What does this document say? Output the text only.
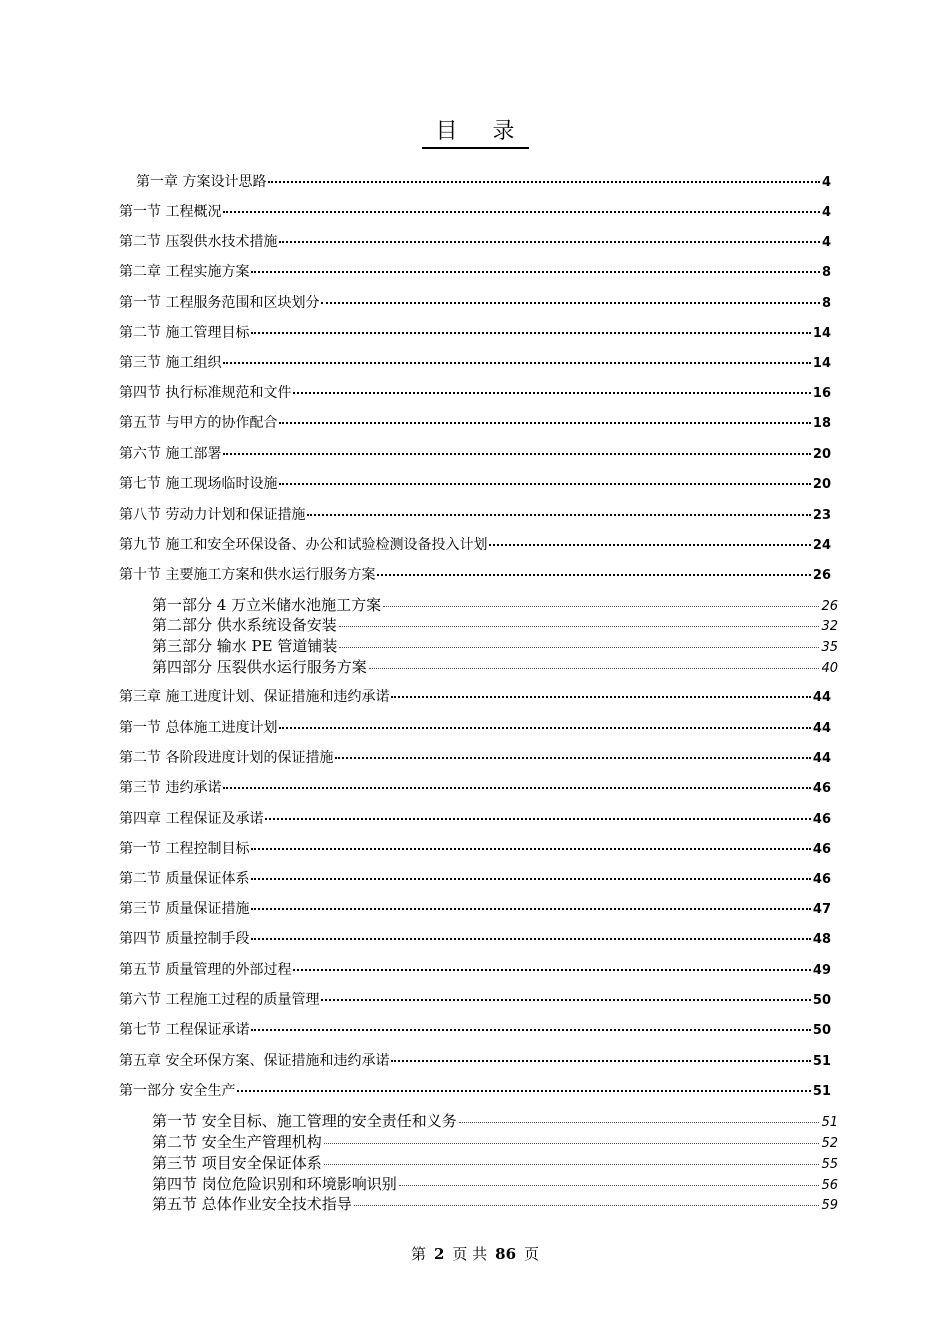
目 录
第一章 方案设计思路	4
第一节 工程概况	4
第二节 压裂供水技术措施	4
第二章 工程实施方案	8
第一节 工程服务范围和区块划分	8
第二节 施工管理目标	14
第三节 施工组织	14
第四节 执行标准规范和文件	16
第五节 与甲方的协作配合	18
第六节 施工部署	20
第七节 施工现场临时设施	20
第八节 劳动力计划和保证措施	23
第九节 施工和安全环保设备、办公和试验检测设备投入计划	24
第十节 主要施工方案和供水运行服务方案	26
第一部分 4 万立米储水池施工方案	26
第二部分 供水系统设备安装	32
第三部分 输水 PE 管道铺装	35
第四部分 压裂供水运行服务方案	40
第三章 施工进度计划、保证措施和违约承诺	44
第一节 总体施工进度计划	44
第二节 各阶段进度计划的保证措施	44
第三节 违约承诺	46
第四章 工程保证及承诺	46
第一节 工程控制目标	46
第二节 质量保证体系	46
第三节 质量保证措施	47
第四节 质量控制手段	48
第五节 质量管理的外部过程	49
第六节 工程施工过程的质量管理	50
第七节 工程保证承诺	50
第五章 安全环保方案、保证措施和违约承诺	51
第一部分 安全生产	51
第一节 安全目标、施工管理的安全责任和义务	51
第二节 安全生产管理机构	52
第三节 项目安全保证体系	55
第四节 岗位危险识别和环境影响识别	56
第五节 总体作业安全技术指导	59
第 2 页 共 86 页
